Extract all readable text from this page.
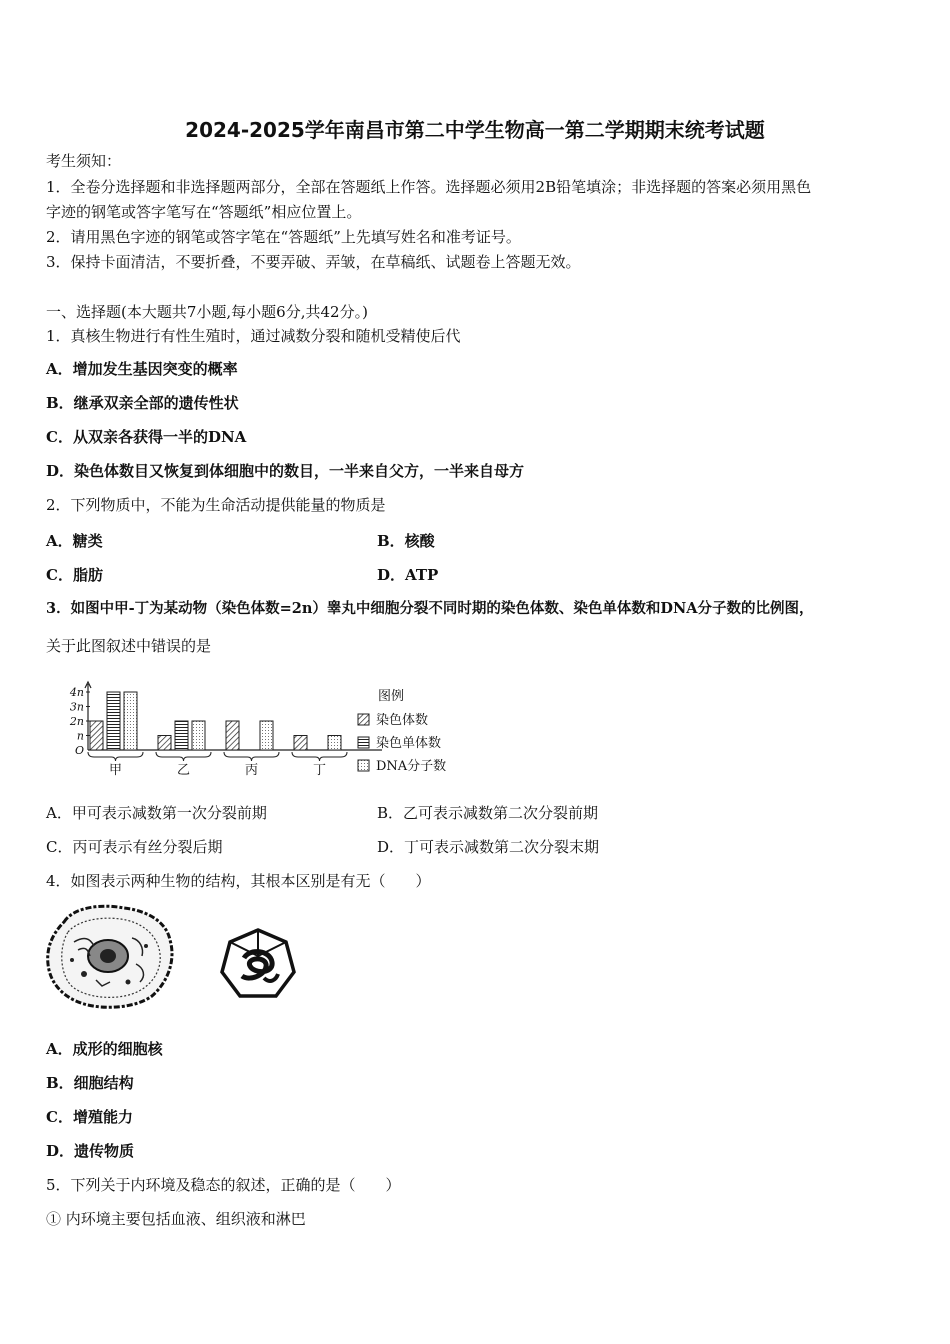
2024-2025学年南昌市第二中学生物高一第二学期期末统考试题
考生须知：
1．全卷分选择题和非选择题两部分，全部在答题纸上作答。选择题必须用2B铅笔填涂；非选择题的答案必须用黑色
字迹的钢笔或答字笔写在“答题纸”相应位置上。
2．请用黑色字迹的钢笔或答字笔在“答题纸”上先填写姓名和准考证号。
3．保持卡面清洁，不要折叠，不要弄破、弄皱，在草稿纸、试题卷上答题无效。
一、选择题(本大题共7小题,每小题6分,共42分。)
1．真核生物进行有性生殖时，通过减数分裂和随机受精使后代
A．增加发生基因突变的概率
B．继承双亲全部的遗传性状
C．从双亲各获得一半的DNA
D．染色体数目又恢复到体细胞中的数目，一半来自父方，一半来自母方
2．下列物质中，不能为生命活动提供能量的物质是
A．糖类	B．核酸
C．脂肪	D．ATP
3．如图中甲-丁为某动物（染色体数=2n）睾丸中细胞分裂不同时期的染色体数、染色单体数和DNA分子数的比例图，
关于此图叙述中错误的是
O
n
2n
3n
4n
甲	乙	丙	丁
图例
染色体数
染色单体数
DNA分子数
A．甲可表示减数第一次分裂前期	B．乙可表示减数第二次分裂前期
C．丙可表示有丝分裂后期	D．丁可表示减数第二次分裂末期
4．如图表示两种生物的结构，其根本区别是有无（　　）
A．成形的细胞核
B．细胞结构
C．增殖能力
D．遗传物质
5．下列关于内环境及稳态的叙述，正确的是（　　）
① 内环境主要包括血液、组织液和淋巴
